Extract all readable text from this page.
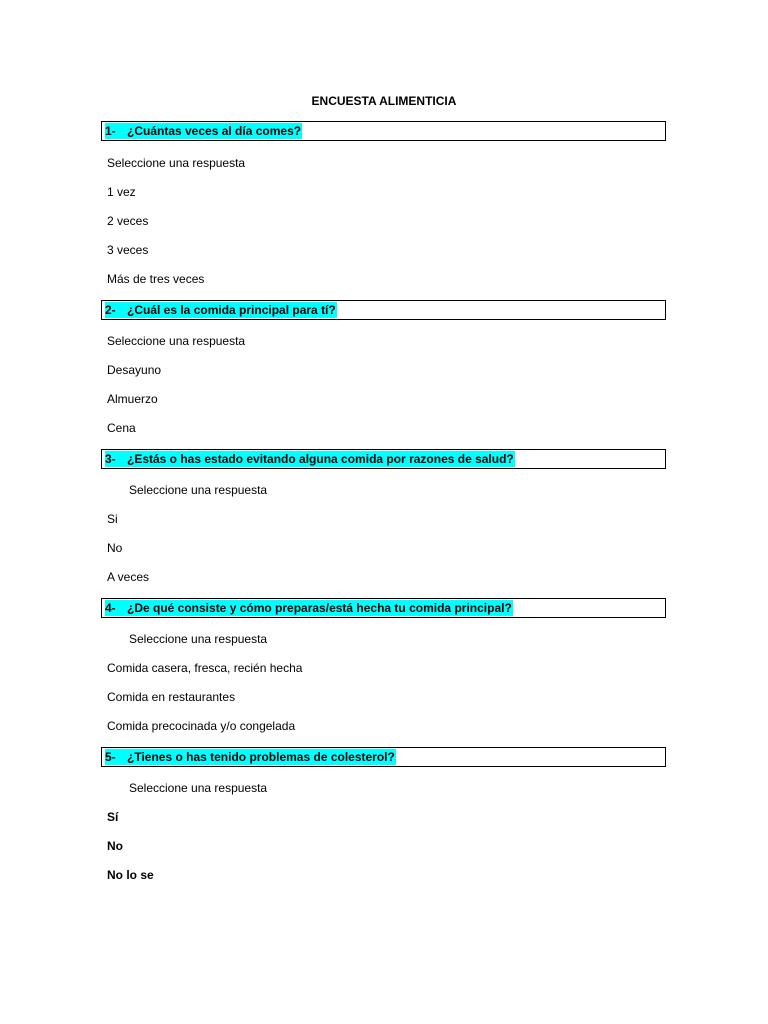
ENCUESTA ALIMENTICIA
1- ¿Cuántas veces al día comes?
Seleccione una respuesta
1 vez
2 veces
3 veces
Más de tres veces
2- ¿Cuál es la comida principal para tí?
Seleccione una respuesta
Desayuno
Almuerzo
Cena
3- ¿Estás o has estado evitando alguna comida por razones de salud?
Seleccione una respuesta
Si
No
A veces
4- ¿De qué consiste y cómo preparas/está hecha tu comida principal?
Seleccione una respuesta
Comida casera, fresca, recién hecha
Comida en restaurantes
Comida precocinada y/o congelada
5- ¿Tienes o has tenido problemas de colesterol?
Seleccione una respuesta
Sí
No
No lo se
